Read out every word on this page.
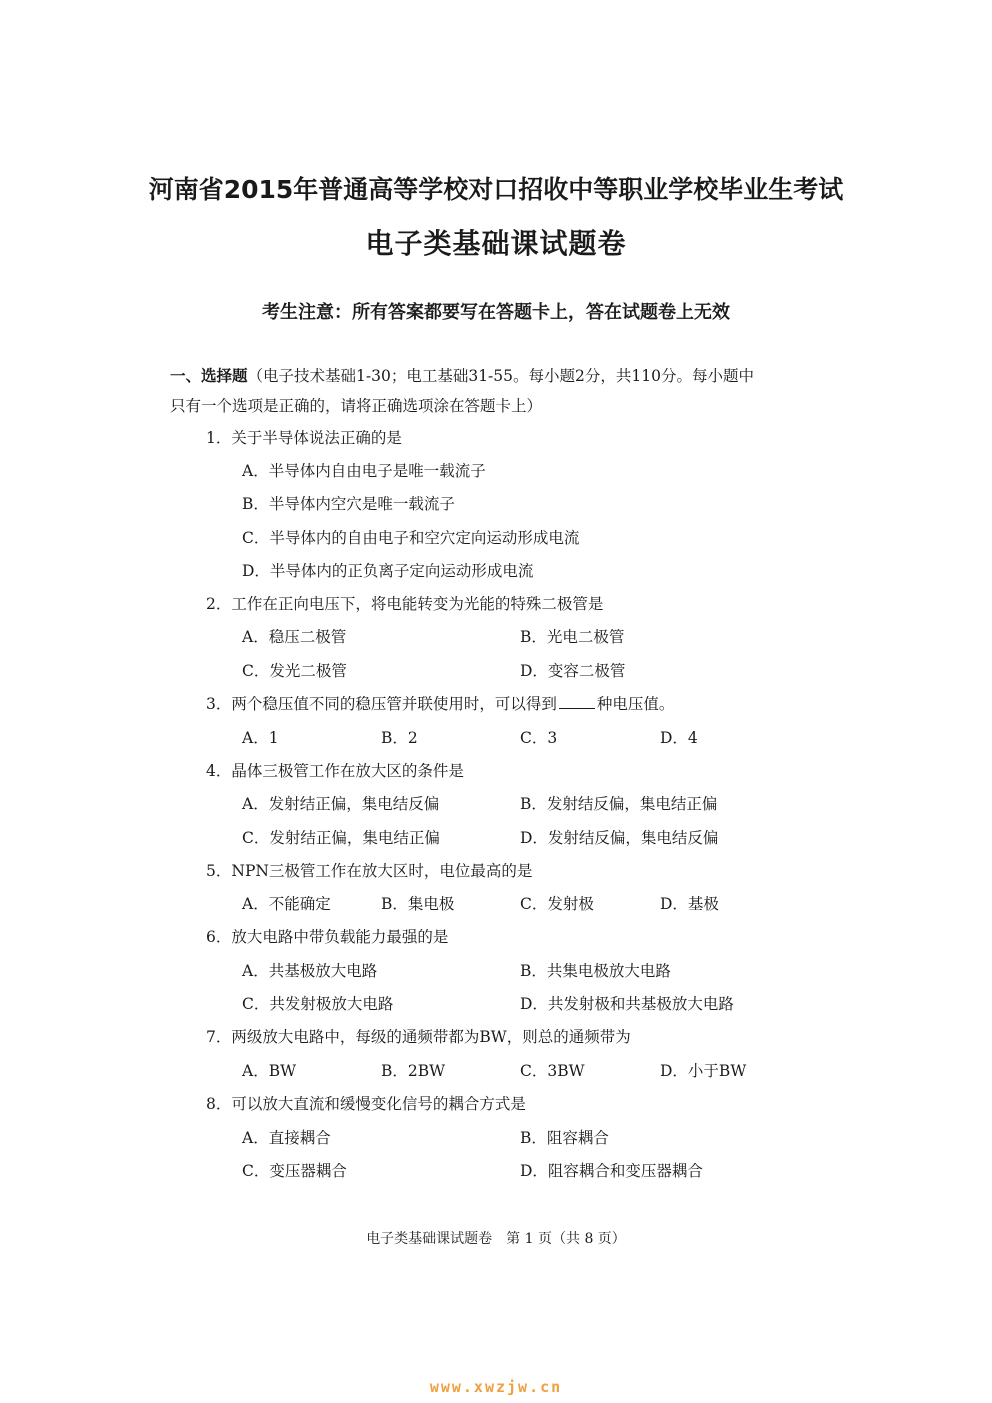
河南省2015年普通高等学校对口招收中等职业学校毕业生考试
电子类基础课试题卷
考生注意：所有答案都要写在答题卡上，答在试题卷上无效
一、选择题（电子技术基础1-30；电工基础31-55。每小题2分，共110分。每小题中
只有一个选项是正确的，请将正确选项涂在答题卡上）
1．关于半导体说法正确的是
A．半导体内自由电子是唯一载流子
B．半导体内空穴是唯一载流子
C．半导体内的自由电子和空穴定向运动形成电流
D．半导体内的正负离子定向运动形成电流
2．工作在正向电压下，将电能转变为光能的特殊二极管是
A．稳压二极管	B．光电二极管
C．发光二极管	D．变容二极管
3．两个稳压值不同的稳压管并联使用时，可以得到	种电压值。
A．1	B．2	C．3	D．4
4．晶体三极管工作在放大区的条件是
A．发射结正偏，集电结反偏	B．发射结反偏，集电结正偏
C．发射结正偏，集电结正偏	D．发射结反偏，集电结反偏
5．NPN三极管工作在放大区时，电位最高的是
A．不能确定	B．集电极	C．发射极	D．基极
6．放大电路中带负载能力最强的是
A．共基极放大电路	B．共集电极放大电路
C．共发射极放大电路	D．共发射极和共基极放大电路
7．两级放大电路中，每级的通频带都为BW，则总的通频带为
A．BW	B．2BW	C．3BW	D．小于BW
8．可以放大直流和缓慢变化信号的耦合方式是
A．直接耦合	B．阻容耦合
C．变压器耦合	D．阻容耦合和变压器耦合
电子类基础课试题卷　第 1 页（共 8 页）
www.xwzjw.cn
